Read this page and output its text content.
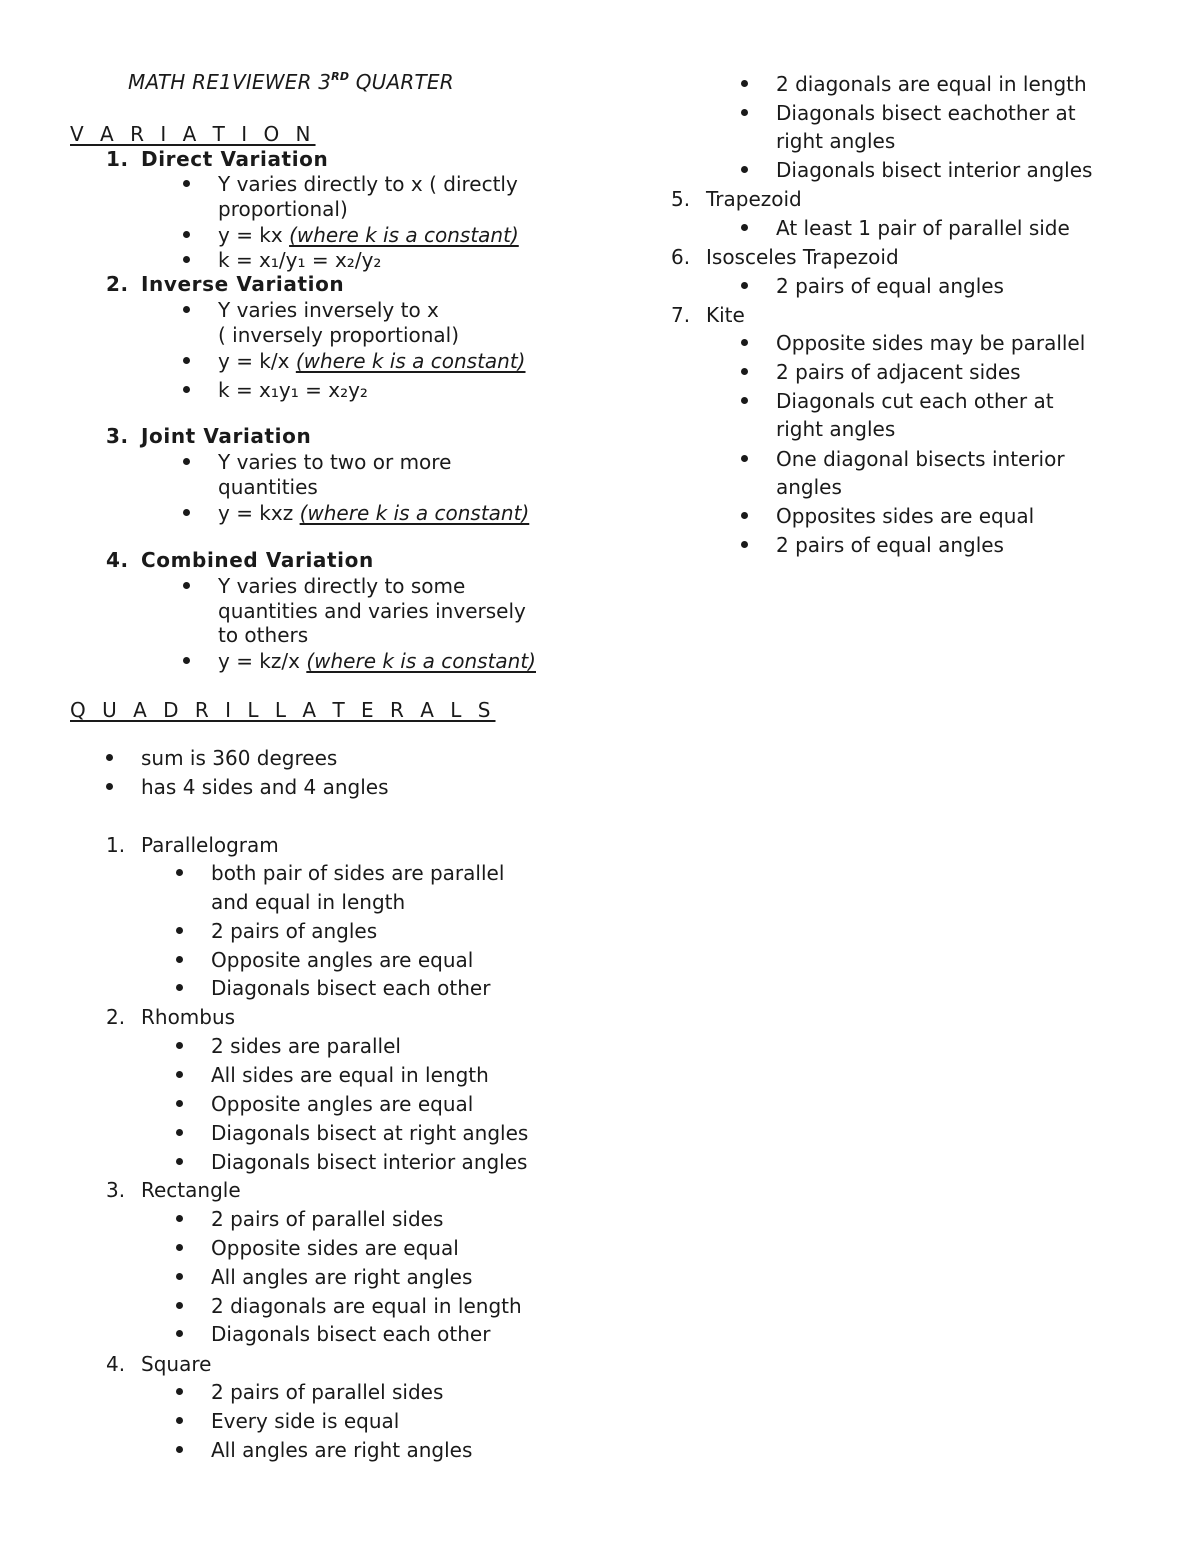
MATH RE1VIEWER 3RD QUARTER
V A R I A T I O N
1. Direct Variation
Y varies directly to x ( directly
proportional)
y = kx (where k is a constant)
k = x₁/y₁ = x₂/y₂
2. Inverse Variation
Y varies inversely to x
( inversely proportional)
y = k/x (where k is a constant)
k = x₁y₁ = x₂y₂
3. Joint Variation
Y varies to two or more
quantities
y = kxz (where k is a constant)
4. Combined Variation
Y varies directly to some
quantities and varies inversely
to others
y = kz/x (where k is a constant)
Q U A D R I L L A T E R A L S
sum is 360 degrees
has 4 sides and 4 angles
1. Parallelogram
both pair of sides are parallel
and equal in length
2 pairs of angles
Opposite angles are equal
Diagonals bisect each other
2. Rhombus
2 sides are parallel
All sides are equal in length
Opposite angles are equal
Diagonals bisect at right angles
Diagonals bisect interior angles
3. Rectangle
2 pairs of parallel sides
Opposite sides are equal
All angles are right angles
2 diagonals are equal in length
Diagonals bisect each other
4. Square
2 pairs of parallel sides
Every side is equal
All angles are right angles
2 diagonals are equal in length
Diagonals bisect eachother at
right angles
Diagonals bisect interior angles
5. Trapezoid
At least 1 pair of parallel side
6. Isosceles Trapezoid
2 pairs of equal angles
7. Kite
Opposite sides may be parallel
2 pairs of adjacent sides
Diagonals cut each other at
right angles
One diagonal bisects interior
angles
Opposites sides are equal
2 pairs of equal angles
